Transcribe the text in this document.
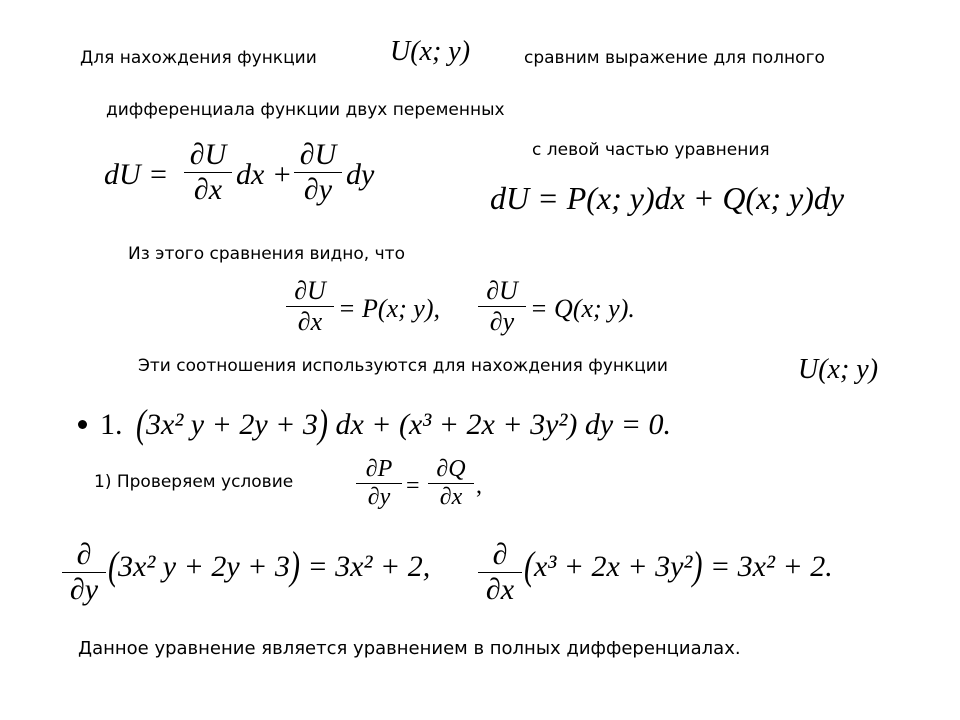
Для нахождения функции	U(x; y)	сравним выражение для полного
дифференциала функции двух переменных
dU =
∂U
∂x dx +
∂U
∂y dy
с левой частью уравнения
dU = P(x; y)dx + Q(x; y)dy
Из этого сравнения видно, что
∂U
∂x = P(x; y),
∂U
∂y = Q(x; y).
Эти соотношения используются для нахождения функции	U(x; y)
1. (3x² y + 2y + 3) dx + (x³ + 2x + 3y²) dy = 0.
1) Проверяем условие	∂P
∂y =
∂Q
∂x ,
∂
∂y
(3x² y + 2y + 3) = 3x² + 2,	∂
∂x
(x³ + 2x + 3y²) = 3x² + 2.
Данное уравнение является уравнением в полных дифференциалах.
